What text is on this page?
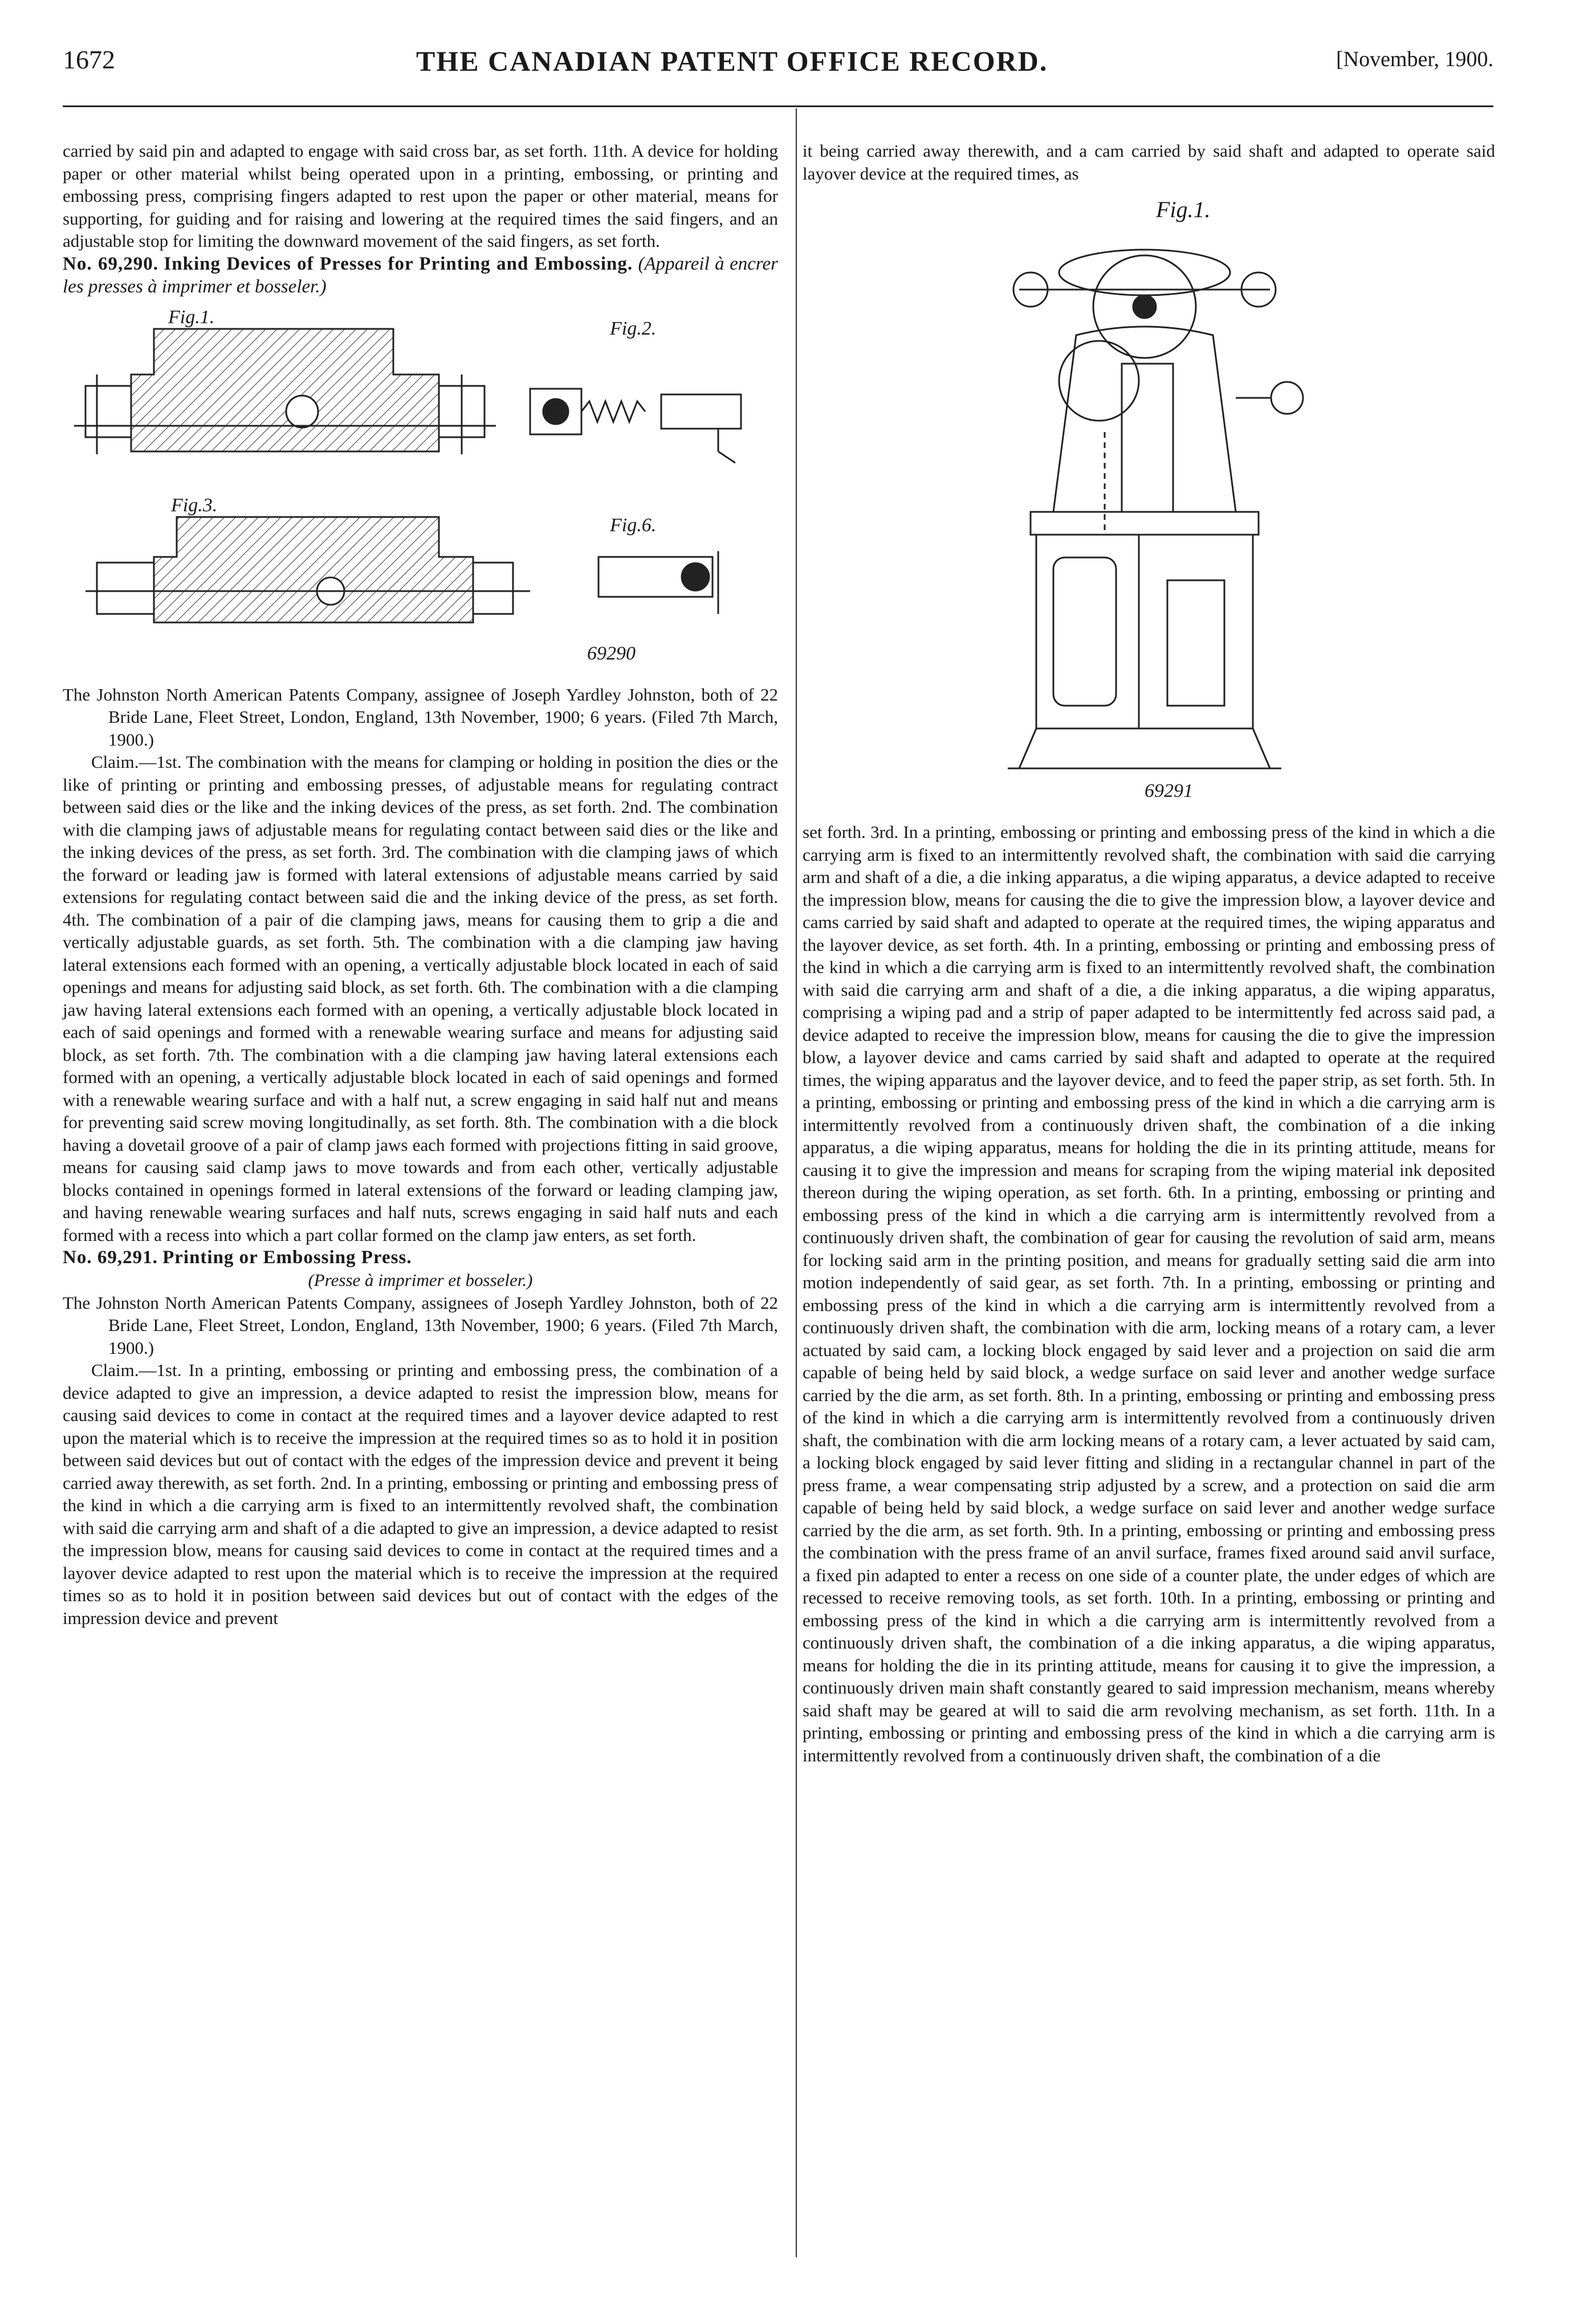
1672	THE CANADIAN PATENT OFFICE RECORD.	[November, 1900.

carried by said pin and adapted to engage with said cross bar, as set forth. 11th. A device for holding paper or other material whilst being operated upon in a printing, embossing, or printing and embossing press, comprising fingers adapted to rest upon the paper or other material, means for supporting, for guiding and for raising and lowering at the required times the said fingers, and an adjustable stop for limiting the downward movement of the said fingers, as set forth.

No. 69,290. Inking Devices of Presses for Printing and Embossing. (Appareil à encrer les presses à imprimer et bosseler.)

Fig.1.
Fig.2.
Fig.3.
Fig.6.
69290

The Johnston North American Patents Company, assignee of Joseph Yardley Johnston, both of 22 Bride Lane, Fleet Street, London, England, 13th November, 1900; 6 years. (Filed 7th March, 1900.)

Claim.—1st. The combination with the means for clamping or holding in position the dies or the like of printing or printing and embossing presses, of adjustable means for regulating contract between said dies or the like and the inking devices of the press, as set forth. 2nd. The combination with die clamping jaws of adjustable means for regulating contact between said dies or the like and the inking devices of the press, as set forth. 3rd. The combination with die clamping jaws of which the forward or leading jaw is formed with lateral extensions of adjustable means carried by said extensions for regulating contact between said die and the inking device of the press, as set forth. 4th. The combination of a pair of die clamping jaws, means for causing them to grip a die and vertically adjustable guards, as set forth. 5th. The combination with a die clamping jaw having lateral extensions each formed with an opening, a vertically adjustable block located in each of said openings and means for adjusting said block, as set forth. 6th. The combination with a die clamping jaw having lateral extensions each formed with an opening, a vertically adjustable block located in each of said openings and formed with a renewable wearing surface and means for adjusting said block, as set forth. 7th. The combination with a die clamping jaw having lateral extensions each formed with an opening, a vertically adjustable block located in each of said openings and formed with a renewable wearing surface and with a half nut, a screw engaging in said half nut and means for preventing said screw moving longitudinally, as set forth. 8th. The combination with a die block having a dovetail groove of a pair of clamp jaws each formed with projections fitting in said groove, means for causing said clamp jaws to move towards and from each other, vertically adjustable blocks contained in openings formed in lateral extensions of the forward or leading clamping jaw, and having renewable wearing surfaces and half nuts, screws engaging in said half nuts and each formed with a recess into which a part collar formed on the clamp jaw enters, as set forth.

No. 69,291. Printing or Embossing Press.

(Presse à imprimer et bosseler.)

The Johnston North American Patents Company, assignees of Joseph Yardley Johnston, both of 22 Bride Lane, Fleet Street, London, England, 13th November, 1900; 6 years. (Filed 7th March, 1900.)

Claim.—1st. In a printing, embossing or printing and embossing press, the combination of a device adapted to give an impression, a device adapted to resist the impression blow, means for causing said devices to come in contact at the required times and a layover device adapted to rest upon the material which is to receive the impression at the required times so as to hold it in position between said devices but out of contact with the edges of the impression device and prevent it being carried away therewith, as set forth. 2nd. In a printing, embossing or printing and embossing press of the kind in which a die carrying arm is fixed to an intermittently revolved shaft, the combination with said die carrying arm and shaft of a die adapted to give an impression, a device adapted to resist the impression blow, means for causing said devices to come in contact at the required times and a layover device adapted to rest upon the material which is to receive the impression at the required times so as to hold it in position between said devices but out of contact with the edges of the impression device and prevent

it being carried away therewith, and a cam carried by said shaft and adapted to operate said layover device at the required times, as

Fig.1.
69291

set forth. 3rd. In a printing, embossing or printing and embossing press of the kind in which a die carrying arm is fixed to an intermittently revolved shaft, the combination with said die carrying arm and shaft of a die, a die inking apparatus, a die wiping apparatus, a device adapted to receive the impression blow, means for causing the die to give the impression blow, a layover device and cams carried by said shaft and adapted to operate at the required times, the wiping apparatus and the layover device, as set forth. 4th. In a printing, embossing or printing and embossing press of the kind in which a die carrying arm is fixed to an intermittently revolved shaft, the combination with said die carrying arm and shaft of a die, a die inking apparatus, a die wiping apparatus, comprising a wiping pad and a strip of paper adapted to be intermittently fed across said pad, a device adapted to receive the impression blow, means for causing the die to give the impression blow, a layover device and cams carried by said shaft and adapted to operate at the required times, the wiping apparatus and the layover device, and to feed the paper strip, as set forth. 5th. In a printing, embossing or printing and embossing press of the kind in which a die carrying arm is intermittently revolved from a continuously driven shaft, the combination of a die inking apparatus, a die wiping apparatus, means for holding the die in its printing attitude, means for causing it to give the impression and means for scraping from the wiping material ink deposited thereon during the wiping operation, as set forth. 6th. In a printing, embossing or printing and embossing press of the kind in which a die carrying arm is intermittently revolved from a continuously driven shaft, the combination of gear for causing the revolution of said arm, means for locking said arm in the printing position, and means for gradually setting said die arm into motion independently of said gear, as set forth. 7th. In a printing, embossing or printing and embossing press of the kind in which a die carrying arm is intermittently revolved from a continuously driven shaft, the combination with die arm, locking means of a rotary cam, a lever actuated by said cam, a locking block engaged by said lever and a projection on said die arm capable of being held by said block, a wedge surface on said lever and another wedge surface carried by the die arm, as set forth. 8th. In a printing, embossing or printing and embossing press of the kind in which a die carrying arm is intermittently revolved from a continuously driven shaft, the combination with die arm locking means of a rotary cam, a lever actuated by said cam, a locking block engaged by said lever fitting and sliding in a rectangular channel in part of the press frame, a wear compensating strip adjusted by a screw, and a protection on said die arm capable of being held by said block, a wedge surface on said lever and another wedge surface carried by the die arm, as set forth. 9th. In a printing, embossing or printing and embossing press the combination with the press frame of an anvil surface, frames fixed around said anvil surface, a fixed pin adapted to enter a recess on one side of a counter plate, the under edges of which are recessed to receive removing tools, as set forth. 10th. In a printing, embossing or printing and embossing press of the kind in which a die carrying arm is intermittently revolved from a continuously driven shaft, the combination of a die inking apparatus, a die wiping apparatus, means for holding the die in its printing attitude, means for causing it to give the impression, a continuously driven main shaft constantly geared to said impression mechanism, means whereby said shaft may be geared at will to said die arm revolving mechanism, as set forth. 11th. In a printing, embossing or printing and embossing press of the kind in which a die carrying arm is intermittently revolved from a continuously driven shaft, the combination of a die
